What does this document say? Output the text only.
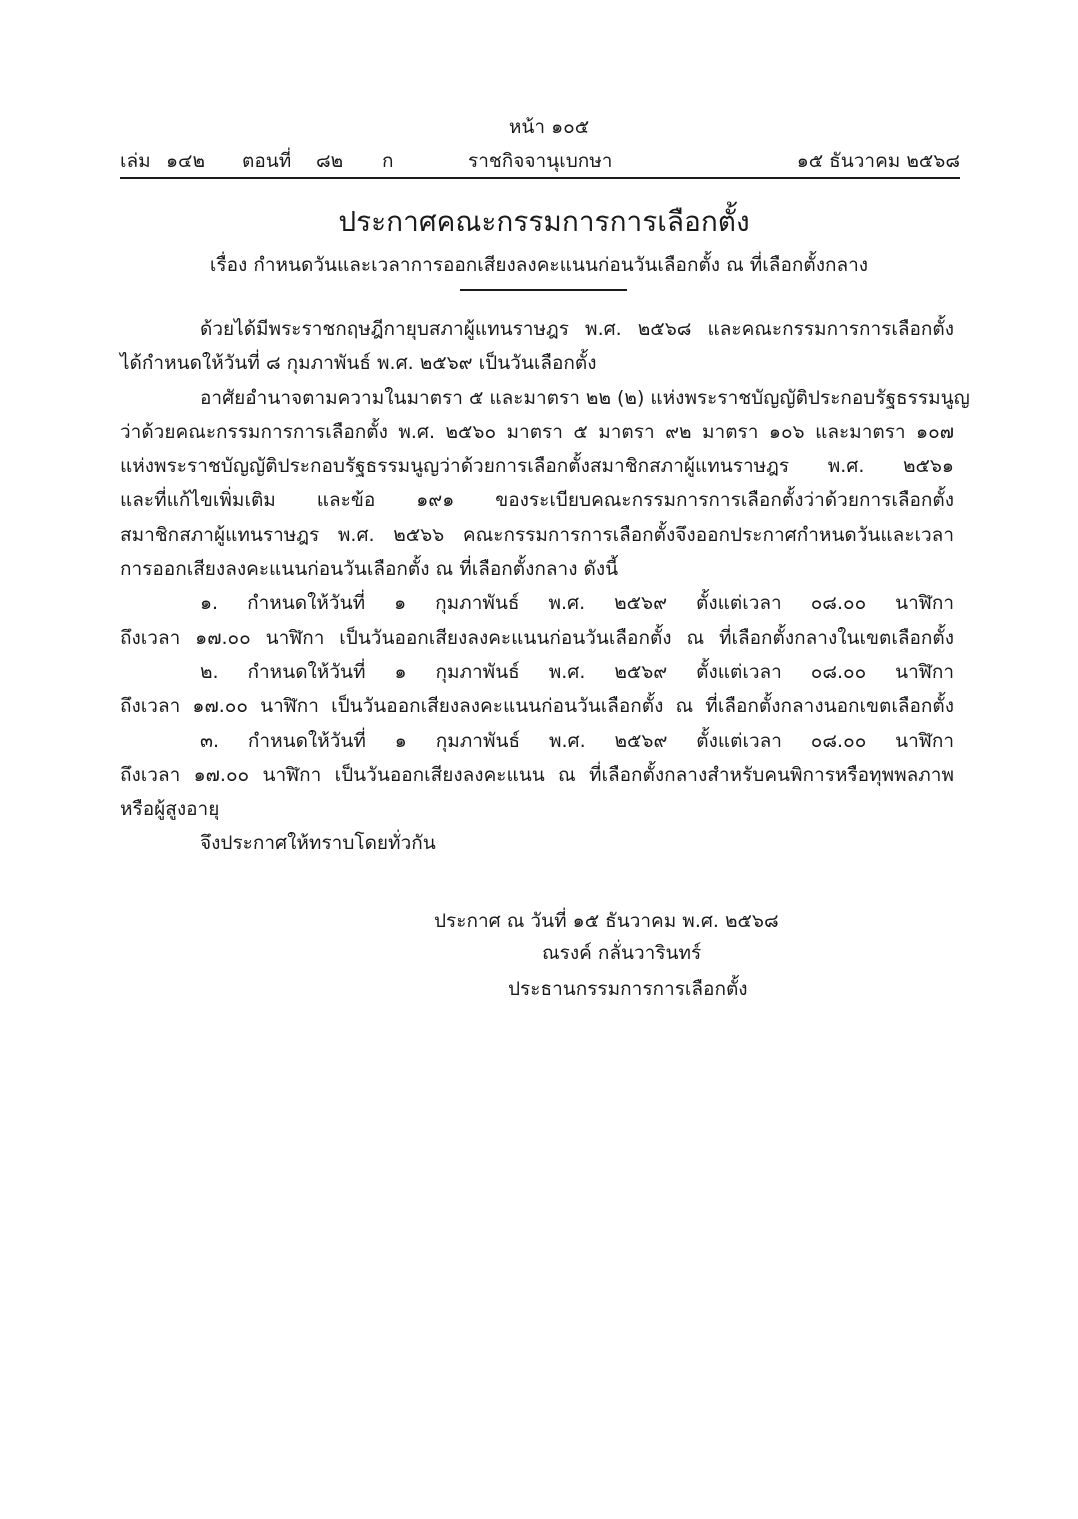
หน้า ๑๐๕
เล่ม ๑๔๒ ตอนที่ ๘๒ ก	ราชกิจจานุเบกษา	๑๕ ธันวาคม ๒๕๖๘
ประกาศคณะกรรมการการเลือกตั้ง
เรื่อง กำหนดวันและเวลาการออกเสียงลงคะแนนก่อนวันเลือกตั้ง ณ ที่เลือกตั้งกลาง
ด้วยได้มีพระราชกฤษฎีกายุบสภาผู้แทนราษฎร พ.ศ. ๒๕๖๘ และคณะกรรมการการเลือกตั้ง
ได้กำหนดให้วันที่ ๘ กุมภาพันธ์ พ.ศ. ๒๕๖๙ เป็นวันเลือกตั้ง
อาศัยอำนาจตามความในมาตรา ๕ และมาตรา ๒๒ (๒) แห่งพระราชบัญญัติประกอบรัฐธรรมนูญ
ว่าด้วยคณะกรรมการการเลือกตั้ง พ.ศ. ๒๕๖๐ มาตรา ๕ มาตรา ๙๒ มาตรา ๑๐๖ และมาตรา ๑๐๗
แห่งพระราชบัญญัติประกอบรัฐธรรมนูญว่าด้วยการเลือกตั้งสมาชิกสภาผู้แทนราษฎร พ.ศ. ๒๕๖๑
และที่แก้ไขเพิ่มเติม และข้อ ๑๙๑ ของระเบียบคณะกรรมการการเลือกตั้งว่าด้วยการเลือกตั้ง
สมาชิกสภาผู้แทนราษฎร พ.ศ. ๒๕๖๖ คณะกรรมการการเลือกตั้งจึงออกประกาศกำหนดวันและเวลา
การออกเสียงลงคะแนนก่อนวันเลือกตั้ง ณ ที่เลือกตั้งกลาง ดังนี้
๑. กำหนดให้วันที่ ๑ กุมภาพันธ์ พ.ศ. ๒๕๖๙ ตั้งแต่เวลา ๐๘.๐๐ นาฬิกา
ถึงเวลา ๑๗.๐๐ นาฬิกา เป็นวันออกเสียงลงคะแนนก่อนวันเลือกตั้ง ณ ที่เลือกตั้งกลางในเขตเลือกตั้ง
๒. กำหนดให้วันที่ ๑ กุมภาพันธ์ พ.ศ. ๒๕๖๙ ตั้งแต่เวลา ๐๘.๐๐ นาฬิกา
ถึงเวลา ๑๗.๐๐ นาฬิกา เป็นวันออกเสียงลงคะแนนก่อนวันเลือกตั้ง ณ ที่เลือกตั้งกลางนอกเขตเลือกตั้ง
๓. กำหนดให้วันที่ ๑ กุมภาพันธ์ พ.ศ. ๒๕๖๙ ตั้งแต่เวลา ๐๘.๐๐ นาฬิกา
ถึงเวลา ๑๗.๐๐ นาฬิกา เป็นวันออกเสียงลงคะแนน ณ ที่เลือกตั้งกลางสำหรับคนพิการหรือทุพพลภาพ
หรือผู้สูงอายุ
จึงประกาศให้ทราบโดยทั่วกัน
ประกาศ ณ วันที่ ๑๕ ธันวาคม พ.ศ. ๒๕๖๘
ณรงค์ กลั่นวารินทร์
ประธานกรรมการการเลือกตั้ง
